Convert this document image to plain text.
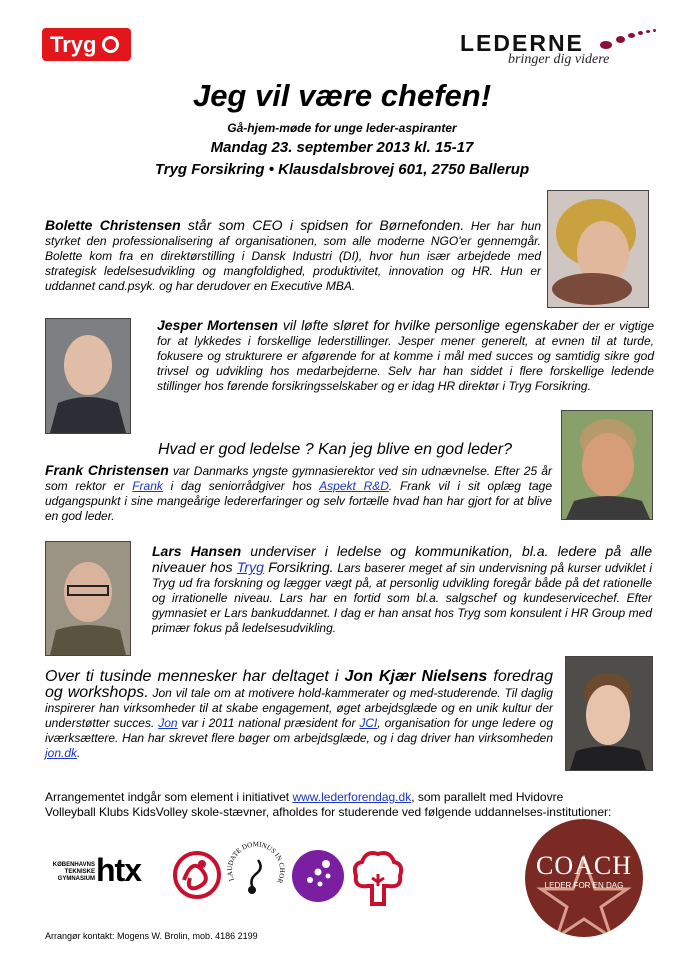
Tryg	LEDERNE
bringer dig videre
Jeg vil være chefen!
Gå-hjem-møde for unge leder-aspiranter
Mandag 23. september 2013 kl. 15-17
Tryg Forsikring • Klausdalsbrovej 601, 2750 Ballerup
Bolette Christensen står som CEO i spidsen for Børnefonden. Her har hun styrket den professionalisering af organisationen, som alle moderne NGO'er gennemgår. Bolette kom fra en direktørstilling i Dansk Industri (DI), hvor hun især arbejdede med strategisk ledelsesudvikling og mangfoldighed, produktivitet, innovation og HR. Hun er uddannet cand.psyk. og har derudover en Executive MBA.
Jesper Mortensen vil løfte sløret for hvilke personlige egenskaber der er vigtige for at lykkedes i forskellige lederstillinger. Jesper mener generelt, at evnen til at turde, fokusere og strukturere er afgørende for at komme i mål med succes og samtidig sikre god trivsel og udvikling hos medarbejderne. Selv har han siddet i flere forskellige ledende stillinger hos førende forsikringsselskaber og er idag HR direktør i Tryg Forsikring.
Hvad er god ledelse ? Kan jeg blive en god leder?
Frank Christensen var Danmarks yngste gymnasierektor ved sin udnævnelse. Efter 25 år som rektor er Frank i dag seniorrådgiver hos Aspekt R&D. Frank vil i sit oplæg tage udgangspunkt i sine mangeårige ledererfaringer og selv fortælle hvad han har gjort for at blive en god leder.
Lars Hansen underviser i ledelse og kommunikation, bl.a. ledere på alle niveauer hos Tryg Forsikring. Lars baserer meget af sin undervisning på kurser udviklet i Tryg ud fra forskning og lægger vægt på, at personlig udvikling foregår både på det rationelle og irrationelle niveau. Lars har en fortid som bl.a. salgschef og kundeservicechef. Efter gymnasiet er Lars bankuddannet. I dag er han ansat hos Tryg som konsulent i HR Group med primær fokus på ledelsesudvikling.
Over ti tusinde mennesker har deltaget i Jon Kjær Nielsens foredrag og workshops. Jon vil tale om at motivere hold-kammerater og med-studerende. Til daglig inspirerer han virksomheder til at skabe engagement, øget arbejdsglæde og en unik kultur der understøtter succes. Jon var i 2011 national præsident for JCI, organisation for unge ledere og iværksættere. Han har skrevet flere bøger om arbejdsglæde, og i dag driver han virksomheden jon.dk.
Arrangementet indgår som element i initiativet www.lederforendag.dk, som parallelt med Hvidovre Volleyball Klubs KidsVolley skole-stævner, afholdes for studerende ved følgende uddannelses-institutioner:
KØBENHAVNS
TEKNISKE
GYMNASIUM htx	LAUDATE DOMINUS IN CHOR
COACH
LEDER FOR EN DAG
Arrangør kontakt: Mogens W. Brolin, mob. 4186 2199
